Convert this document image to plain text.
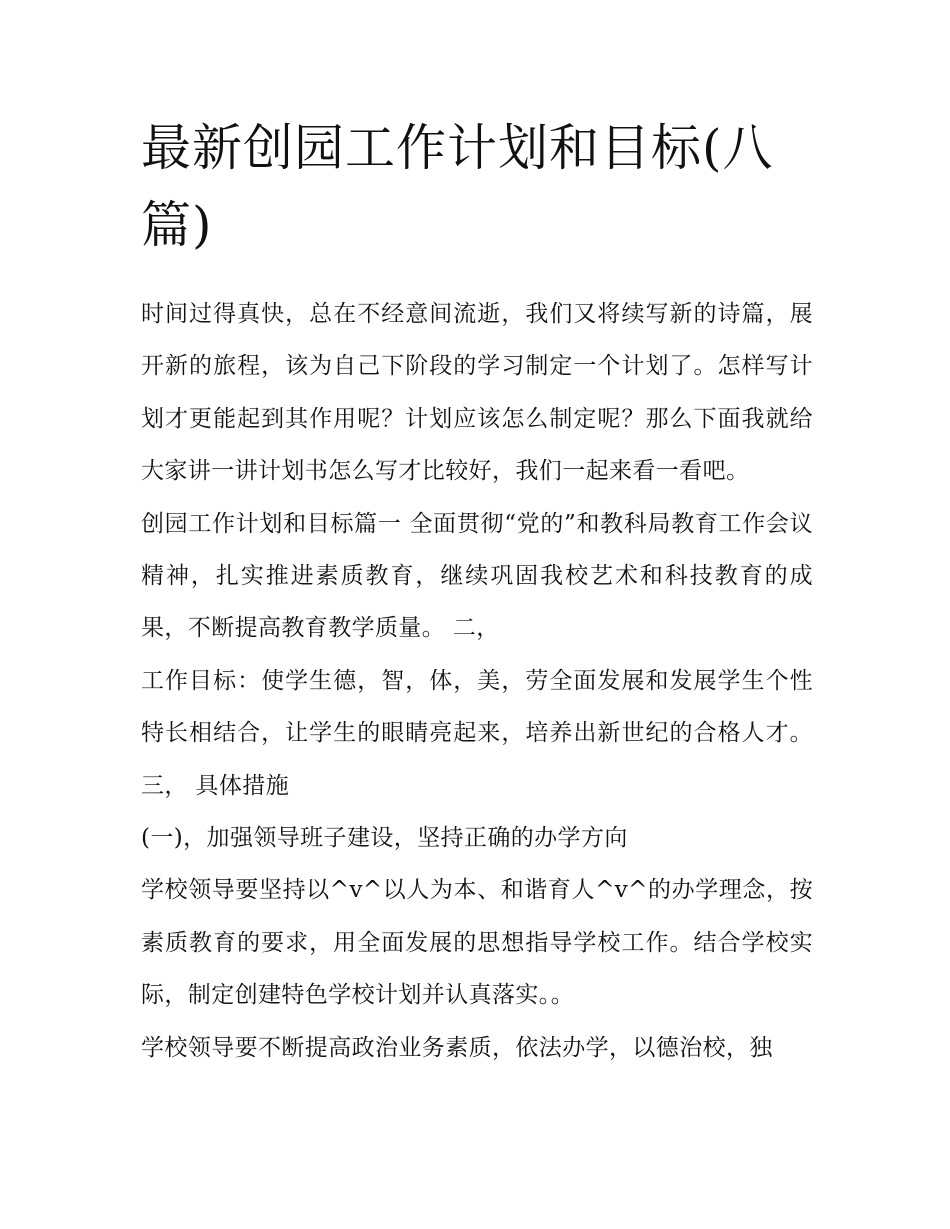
最新创园工作计划和目标(八篇)

时间过得真快，总在不经意间流逝，我们又将续写新的诗篇，展开新的旅程，该为自己下阶段的学习制定一个计划了。怎样写计划才更能起到其作用呢？计划应该怎么制定呢？那么下面我就给大家讲一讲计划书怎么写才比较好，我们一起来看一看吧。

创园工作计划和目标篇一 全面贯彻“党的”和教科局教育工作会议精神，扎实推进素质教育，继续巩固我校艺术和科技教育的成果，不断提高教育教学质量。 二，

工作目标：使学生德，智，体，美，劳全面发展和发展学生个性特长相结合，让学生的眼睛亮起来，培养出新世纪的合格人才。 三， 具体措施

(一)，加强领导班子建设，坚持正确的办学方向

学校领导要坚持以^v^以人为本、和谐育人^v^的办学理念，按素质教育的要求，用全面发展的思想指导学校工作。结合学校实际，制定创建特色学校计划并认真落实。。

学校领导要不断提高政治业务素质，依法办学，以德治校，独
